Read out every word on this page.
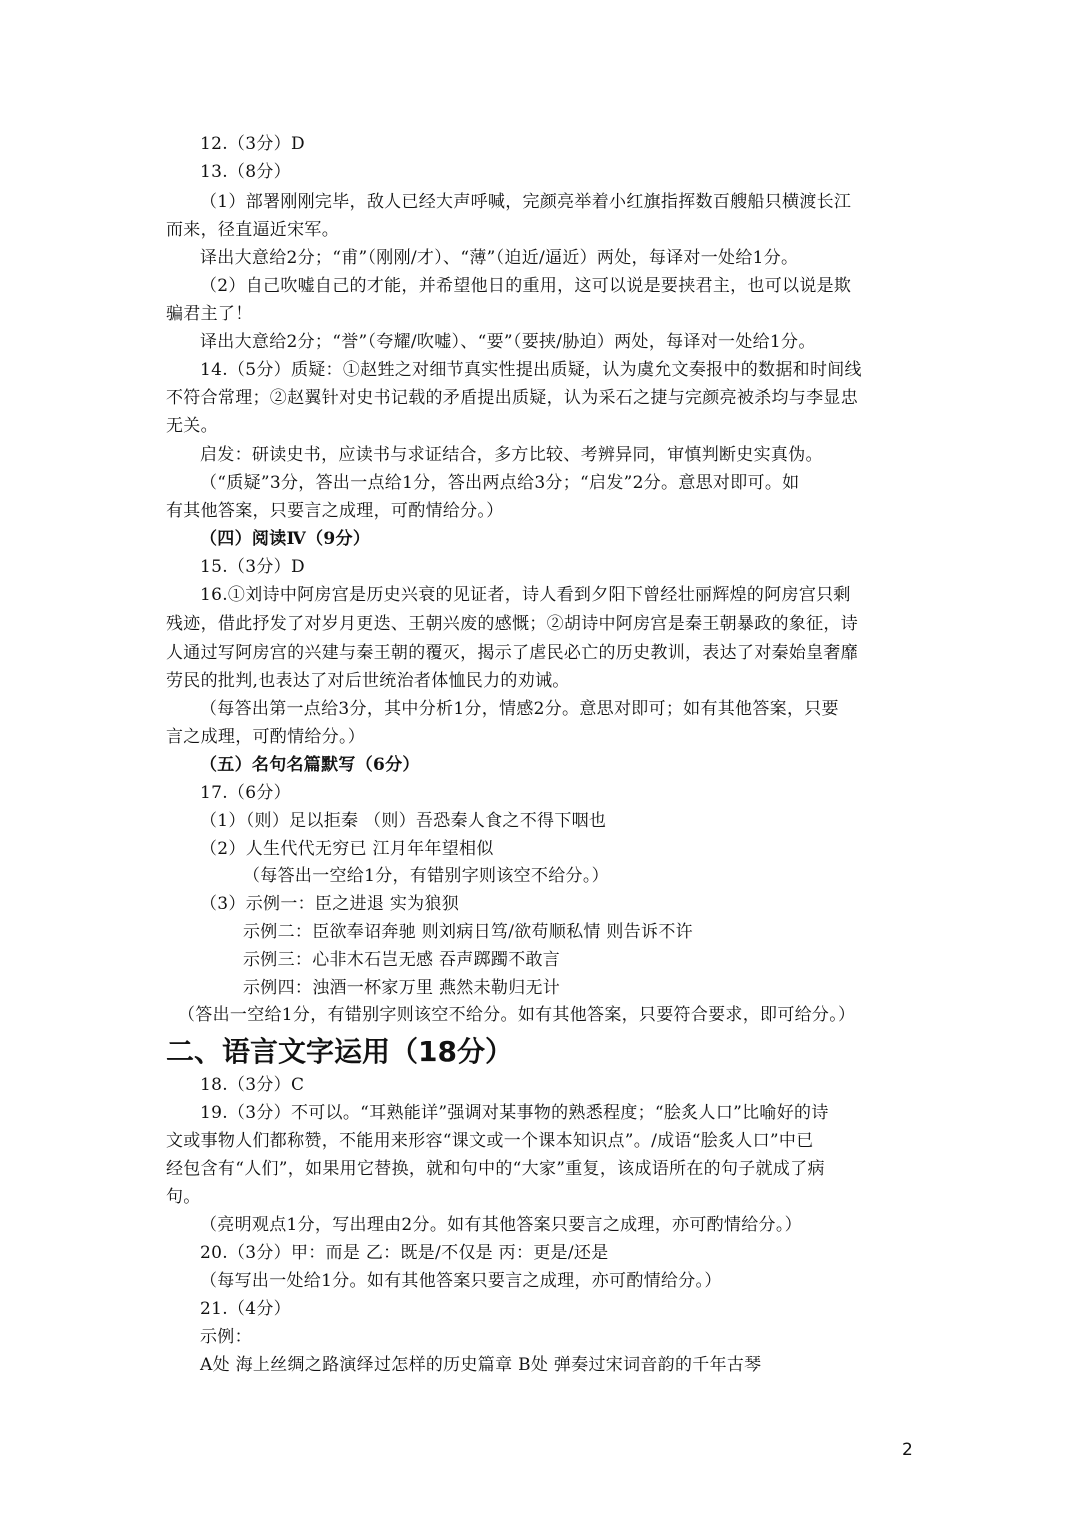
12.（3分）D
13.（8分）
（1）部署刚刚完毕，敌人已经大声呼喊，完颜亮举着小红旗指挥数百艘船只横渡长江
而来，径直逼近宋军。
译出大意给2分；“甫”（刚刚/才）、“薄”（迫近/逼近）两处，每译对一处给1分。
（2）自己吹嘘自己的才能，并希望他日的重用，这可以说是要挟君主，也可以说是欺
骗君主了！
译出大意给2分；“誉”（夸耀/吹嘘）、“要”（要挟/胁迫）两处，每译对一处给1分。
14.（5分）质疑：①赵甡之对细节真实性提出质疑，认为虞允文奏报中的数据和时间线
不符合常理；②赵翼针对史书记载的矛盾提出质疑，认为采石之捷与完颜亮被杀均与李显忠
无关。
启发：研读史书，应读书与求证结合，多方比较、考辨异同，审慎判断史实真伪。
（“质疑”3分，答出一点给1分，答出两点给3分；“启发”2分。意思对即可。如
有其他答案，只要言之成理，可酌情给分。）
（四）阅读Ⅳ（9分）
15.（3分）D
16.①刘诗中阿房宫是历史兴衰的见证者，诗人看到夕阳下曾经壮丽辉煌的阿房宫只剩
残迹，借此抒发了对岁月更迭、王朝兴废的感慨；②胡诗中阿房宫是秦王朝暴政的象征，诗
人通过写阿房宫的兴建与秦王朝的覆灭，揭示了虐民必亡的历史教训，表达了对秦始皇奢靡
劳民的批判,也表达了对后世统治者体恤民力的劝诫。
（每答出第一点给3分，其中分析1分，情感2分。意思对即可；如有其他答案，只要
言之成理，可酌情给分。）
（五）名句名篇默写（6分）
17.（6分）
（1）（则）足以拒秦 （则）吾恐秦人食之不得下咽也
（2）人生代代无穷已 江月年年望相似
（每答出一空给1分，有错别字则该空不给分。）
（3）示例一：臣之进退 实为狼狈
示例二：臣欲奉诏奔驰 则刘病日笃/欲苟顺私情 则告诉不许
示例三：心非木石岂无感 吞声踯躅不敢言
示例四：浊酒一杯家万里 燕然未勒归无计
（答出一空给1分，有错别字则该空不给分。如有其他答案，只要符合要求，即可给分。）
二、语言文字运用（18分）
18.（3分）C
19.（3分）不可以。“耳熟能详”强调对某事物的熟悉程度；“脍炙人口”比喻好的诗
文或事物人们都称赞，不能用来形容“课文或一个课本知识点”。/成语“脍炙人口”中已
经包含有“人们”，如果用它替换，就和句中的“大家”重复，该成语所在的句子就成了病
句。
（亮明观点1分，写出理由2分。如有其他答案只要言之成理，亦可酌情给分。）
20.（3分）甲：而是 乙：既是/不仅是 丙：更是/还是
（每写出一处给1分。如有其他答案只要言之成理，亦可酌情给分。）
21.（4分）
示例：
A处 海上丝绸之路演绎过怎样的历史篇章 B处 弹奏过宋词音韵的千年古琴
2
